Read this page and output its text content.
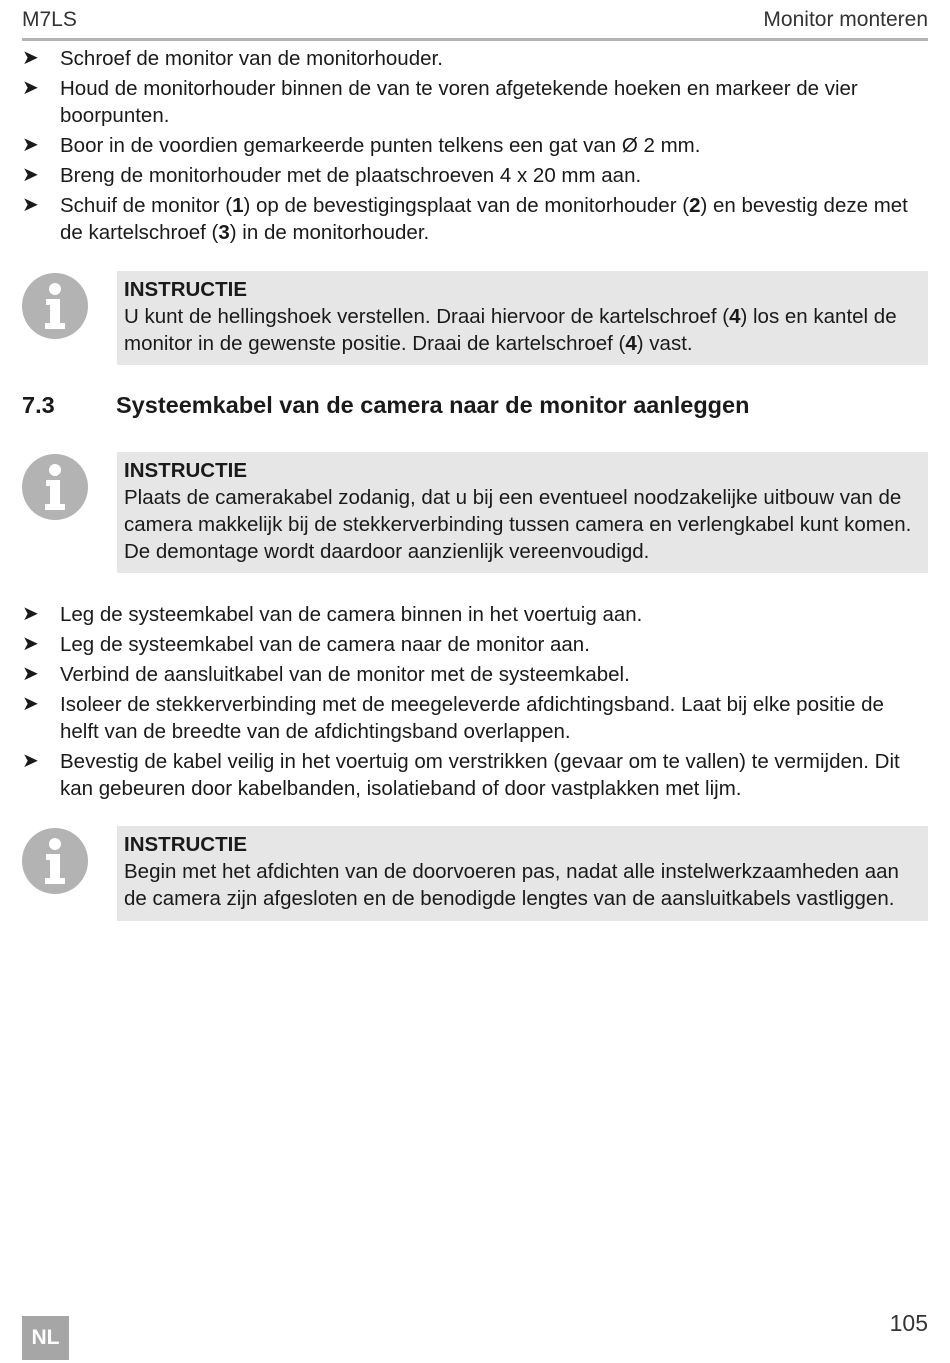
M7LS	Monitor monteren
➤ Schroef de monitor van de monitorhouder.
➤ Houd de monitorhouder binnen de van te voren afgetekende hoeken en markeer de vier boorpunten.
➤ Boor in de voordien gemarkeerde punten telkens een gat van Ø 2 mm.
➤ Breng de monitorhouder met de plaatschroeven 4 x 20 mm aan.
➤ Schuif de monitor (1) op de bevestigingsplaat van de monitorhouder (2) en bevestig deze met de kartelschroef (3) in de monitorhouder.
INSTRUCTIE
U kunt de hellingshoek verstellen. Draai hiervoor de kartelschroef (4) los en kantel de monitor in de gewenste positie. Draai de kartelschroef (4) vast.
7.3	Systeemkabel van de camera naar de monitor aanleggen
INSTRUCTIE
Plaats de camerakabel zodanig, dat u bij een eventueel noodzakelijke uitbouw van de camera makkelijk bij de stekkerverbinding tussen camera en verlengkabel kunt komen. De demontage wordt daardoor aanzienlijk vereenvoudigd.
➤ Leg de systeemkabel van de camera binnen in het voertuig aan.
➤ Leg de systeemkabel van de camera naar de monitor aan.
➤ Verbind de aansluitkabel van de monitor met de systeemkabel.
➤ Isoleer de stekkerverbinding met de meegeleverde afdichtingsband. Laat bij elke positie de helft van de breedte van de afdichtingsband overlappen.
➤ Bevestig de kabel veilig in het voertuig om verstrikken (gevaar om te vallen) te vermijden. Dit kan gebeuren door kabelbanden, isolatieband of door vastplakken met lijm.
INSTRUCTIE
Begin met het afdichten van de doorvoeren pas, nadat alle instelwerkzaamheden aan de camera zijn afgesloten en de benodigde lengtes van de aansluitkabels vastliggen.
NL
105
